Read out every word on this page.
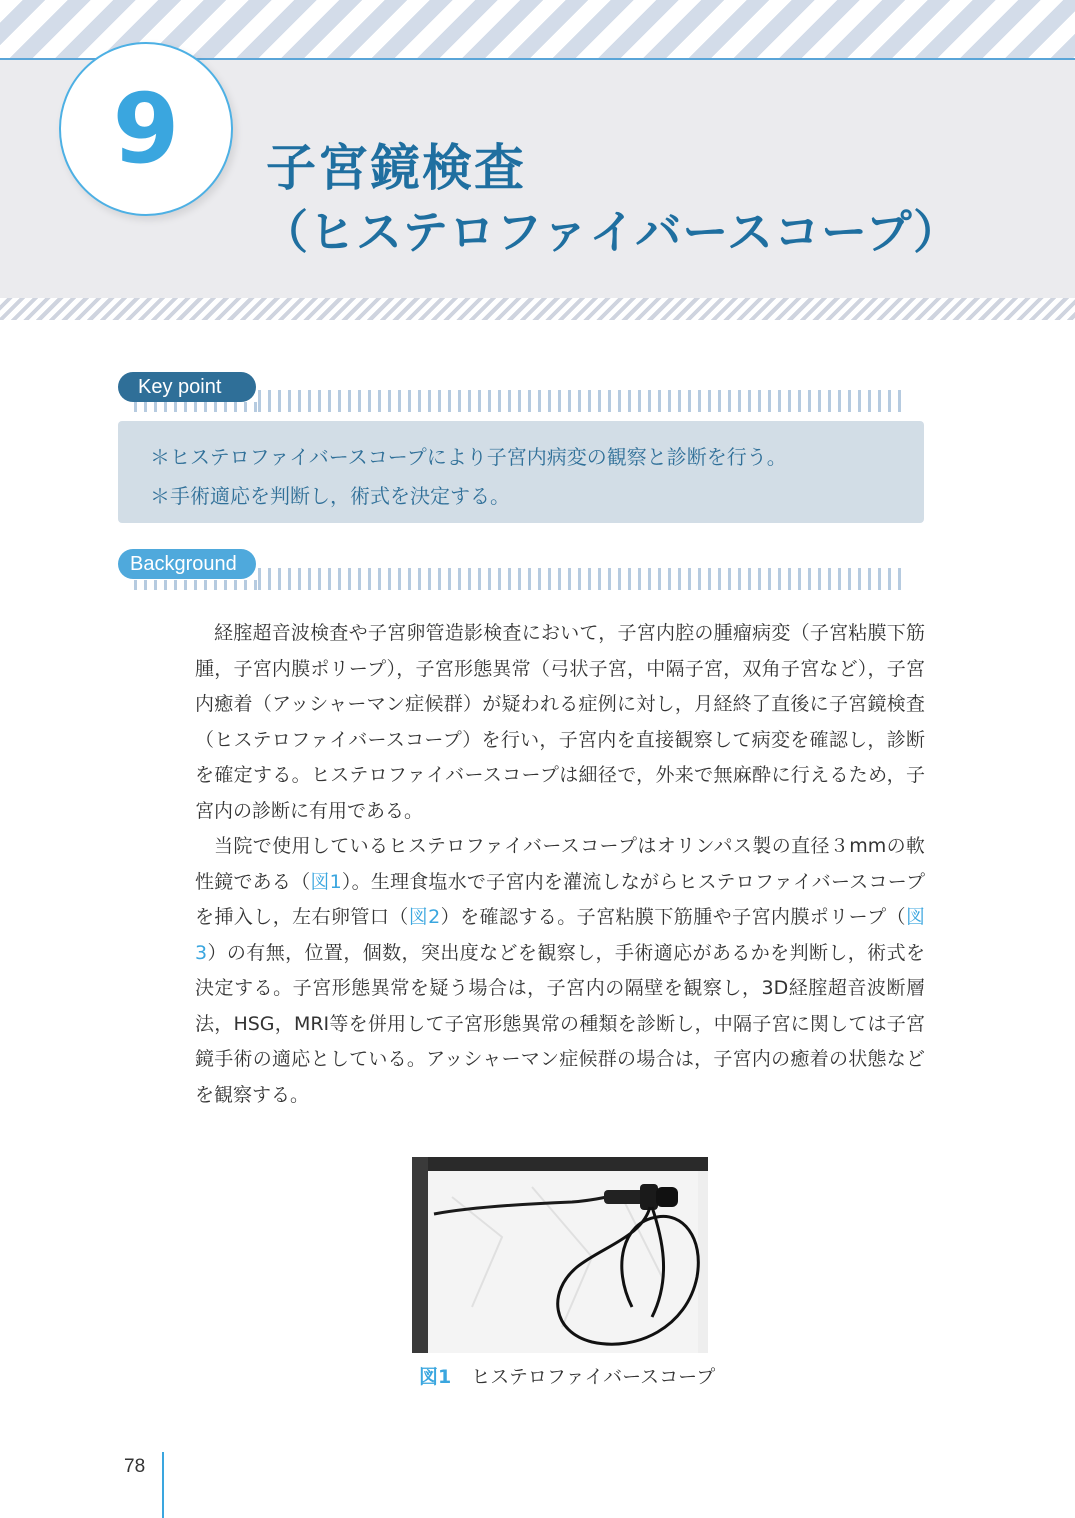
9	子宮鏡検査
（ヒステロファイバースコープ）
Key point
＊ヒステロファイバースコープにより子宮内病変の観察と診断を行う。
＊手術適応を判断し，術式を決定する。
Background

経腟超音波検査や子宮卵管造影検査において，子宮内腔の腫瘤病変（子宮粘膜下筋腫，子宮内膜ポリープ），子宮形態異常（弓状子宮，中隔子宮，双角子宮など），子宮内癒着（アッシャーマン症候群）が疑われる症例に対し，月経終了直後に子宮鏡検査（ヒステロファイバースコープ）を行い，子宮内を直接観察して病変を確認し，診断を確定する。ヒステロファイバースコープは細径で，外来で無麻酔に行えるため，子宮内の診断に有用である。

当院で使用しているヒステロファイバースコープはオリンパス製の直径３mmの軟性鏡である（図1）。生理食塩水で子宮内を灌流しながらヒステロファイバースコープを挿入し，左右卵管口（図2）を確認する。子宮粘膜下筋腫や子宮内膜ポリープ（図3）の有無，位置，個数，突出度などを観察し，手術適応があるかを判断し，術式を決定する。子宮形態異常を疑う場合は，子宮内の隔壁を観察し，3D経腟超音波断層法，HSG，MRI等を併用して子宮形態異常の種類を診断し，中隔子宮に関しては子宮鏡手術の適応としている。アッシャーマン症候群の場合は，子宮内の癒着の状態などを観察する。

図1 ヒステロファイバースコープ
78
